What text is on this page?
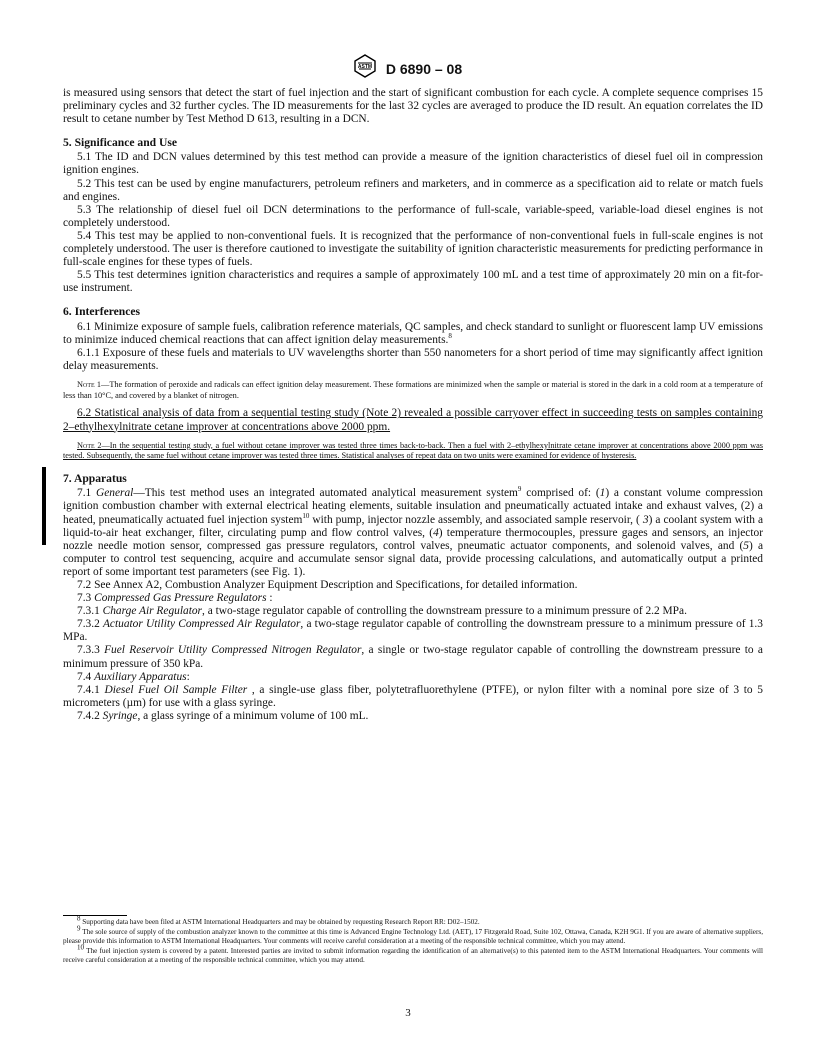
ASTM D 6890 – 08

is measured using sensors that detect the start of fuel injection and the start of significant combustion for each cycle. A complete sequence comprises 15 preliminary cycles and 32 further cycles. The ID measurements for the last 32 cycles are averaged to produce the ID result. An equation correlates the ID result to cetane number by Test Method D 613, resulting in a DCN.

5. Significance and Use

5.1 The ID and DCN values determined by this test method can provide a measure of the ignition characteristics of diesel fuel oil in compression ignition engines.

5.2 This test can be used by engine manufacturers, petroleum refiners and marketers, and in commerce as a specification aid to relate or match fuels and engines.

5.3 The relationship of diesel fuel oil DCN determinations to the performance of full-scale, variable-speed, variable-load diesel engines is not completely understood.

5.4 This test may be applied to non-conventional fuels. It is recognized that the performance of non-conventional fuels in full-scale engines is not completely understood. The user is therefore cautioned to investigate the suitability of ignition characteristic measurements for predicting performance in full-scale engines for these types of fuels.

5.5 This test determines ignition characteristics and requires a sample of approximately 100 mL and a test time of approximately 20 min on a fit-for-use instrument.

6. Interferences

6.1 Minimize exposure of sample fuels, calibration reference materials, QC samples, and check standard to sunlight or fluorescent lamp UV emissions to minimize induced chemical reactions that can affect ignition delay measurements.$^8$

6.1.1 Exposure of these fuels and materials to UV wavelengths shorter than 550 nanometers for a short period of time may significantly affect ignition delay measurements.

Note 1—The formation of peroxide and radicals can effect ignition delay measurement. These formations are minimized when the sample or material is stored in the dark in a cold room at a temperature of less than 10°C, and covered by a blanket of nitrogen.

6.2 Statistical analysis of data from a sequential testing study (Note 2) revealed a possible carryover effect in succeeding tests on samples containing 2–ethylhexylnitrate cetane improver at concentrations above 2000 ppm.

Note 2—In the sequential testing study, a fuel without cetane improver was tested three times back-to-back. Then a fuel with 2–ethylhexylnitrate cetane improver at concentrations above 2000 ppm was tested. Subsequently, the same fuel without cetane improver was tested three times. Statistical analyses of repeat data on two units were examined for evidence of hysteresis.

7. Apparatus

7.1 General—This test method uses an integrated automated analytical measurement system$^9$ comprised of: (1) a constant volume compression ignition combustion chamber with external electrical heating elements, suitable insulation and pneumatically actuated intake and exhaust valves, (2) a heated, pneumatically actuated fuel injection system$^{10}$ with pump, injector nozzle assembly, and associated sample reservoir, ( 3) a coolant system with a liquid-to-air heat exchanger, filter, circulating pump and flow control valves, (4) temperature thermocouples, pressure gages and sensors, an injector nozzle needle motion sensor, compressed gas pressure regulators, control valves, pneumatic actuator components, and solenoid valves, and (5) a computer to control test sequencing, acquire and accumulate sensor signal data, provide processing calculations, and automatically output a printed report of some important test parameters (see Fig. 1).

7.2 See Annex A2, Combustion Analyzer Equipment Description and Specifications, for detailed information.

7.3 Compressed Gas Pressure Regulators :

7.3.1 Charge Air Regulator, a two-stage regulator capable of controlling the downstream pressure to a minimum pressure of 2.2 MPa.

7.3.2 Actuator Utility Compressed Air Regulator, a two-stage regulator capable of controlling the downstream pressure to a minimum pressure of 1.3 MPa.

7.3.3 Fuel Reservoir Utility Compressed Nitrogen Regulator, a single or two-stage regulator capable of controlling the downstream pressure to a minimum pressure of 350 kPa.

7.4 Auxiliary Apparatus:

7.4.1 Diesel Fuel Oil Sample Filter , a single-use glass fiber, polytetrafluorethylene (PTFE), or nylon filter with a nominal pore size of 3 to 5 micrometers (µm) for use with a glass syringe.

7.4.2 Syringe, a glass syringe of a minimum volume of 100 mL.

$^8$ Supporting data have been filed at ASTM International Headquarters and may be obtained by requesting Research Report RR: D02–1502.

$^9$ The sole source of supply of the combustion analyzer known to the committee at this time is Advanced Engine Technology Ltd. (AET), 17 Fitzgerald Road, Suite 102, Ottawa, Canada, K2H 9G1. If you are aware of alternative suppliers, please provide this information to ASTM International Headquarters. Your comments will receive careful consideration at a meeting of the responsible technical committee, which you may attend.

$^{10}$ The fuel injection system is covered by a patent. Interested parties are invited to submit information regarding the identification of an alternative(s) to this patented item to the ASTM International Headquarters. Your comments will receive careful consideration at a meeting of the responsible technical committee, which you may attend.

3
